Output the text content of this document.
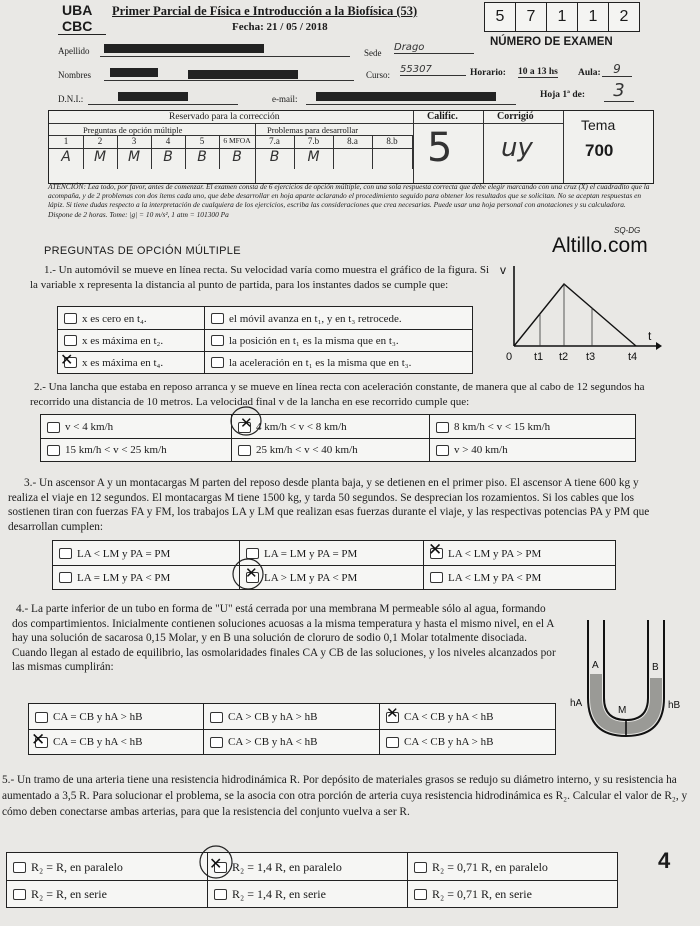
UBA
CBC
Primer Parcial de Física e Introducción a la Biofísica (53)
Fecha: 21 / 05 / 2018
5	7	1	1	2
NÚMERO DE EXAMEN
Apellido	Sede Drago
Nombres	Curso: 55307	Horario: 10 a 13 hs Aula:	9
D.N.I.:	e-mail:	Hoja 1ª de:	3
Reservado para la corrección
Preguntas de opción múltiple	Problemas para desarrollar
1	2	3	4	5	6 MFOA	7.a	7.b	8.a	8.b
A	M	M	B	B	B	B	M
Calific.	Corrigió
5 uy
Tema
700
ATENCIÓN: Lea todo, por favor, antes de comenzar. El examen consta de 6 ejercicios de opción múltiple, con una sola respuesta correcta que debe elegir marcando con una cruz (X) el cuadradito que la acompaña, y de 2 problemas con dos ítems cada uno, que debe desarrollar en hoja aparte aclarando el procedimiento seguido para obtener los resultados que se solicitan. No se aceptan respuestas en lápiz. Si tiene dudas respecto a la interpretación de cualquiera de los ejercicios, escriba las consideraciones que crea necesarias. Puede usar una hoja personal con anotaciones y su calculadora. Dispone de 2 horas. Tome: |g| = 10 m/s², 1 atm = 101300 Pa
SQ-DG
Altillo.com
PREGUNTAS DE OPCIÓN MÚLTIPLE
1.- Un automóvil se mueve en línea recta. Su velocidad varía como muestra el gráfico de la figura. Si la variable x representa la distancia al punto de partida, para los instantes dados se cumple que:
x es cero en t₄.	el móvil avanza en t₁, y en t₃ retrocede.
x es máxima en t₂.	la posición en t₁ es la misma que en t₃.
x es máxima en t₄.	la aceleración en t₁ es la misma que en t₃.
✕
v
t
0 t1 t2 t3	t4
2.- Una lancha que estaba en reposo arranca y se mueve en línea recta con aceleración constante, de manera que al cabo de 12 segundos ha recorrido una distancia de 10 metros. La velocidad final v de la lancha en ese recorrido cumple que:
v < 4 km/h	4 km/h < v < 8 km/h	8 km/h < v < 15 km/h
15 km/h < v < 25 km/h	25 km/h < v < 40 km/h	v > 40 km/h
✕
3.- Un ascensor A y un montacargas M parten del reposo desde planta baja, y se detienen en el primer piso. El ascensor A tiene 600 kg y realiza el viaje en 12 segundos. El montacargas M tiene 1500 kg, y tarda 50 segundos. Se desprecian los rozamientos. Si los cables que los sostienen tiran con fuerzas FA y FM, los trabajos LA y LM que realizan esas fuerzas durante el viaje, y las respectivas potencias PA y PM que desarrollan cumplen:
LA < LM y PA = PM	LA = LM y PA = PM	LA < LM y PA > PM
LA = LM y PA < PM	LA > LM y PA < PM	LA < LM y PA < PM
✕
✕
4.- La parte inferior de un tubo en forma de "U" está cerrada por una membrana M permeable sólo al agua, formando dos compartimientos. Inicialmente contienen soluciones acuosas a la misma temperatura y hasta el mismo nivel, en el A hay una solución de sacarosa 0,15 Molar, y en B una solución de cloruro de sodio 0,1 Molar totalmente disociada. Cuando llegan al estado de equilibrio, las osmolaridades finales CA y CB de las soluciones, y los niveles alcanzados por las mismas cumplirán:
CA = CB y hA > hB	CA > CB y hA > hB	CA < CB y hA < hB
CA = CB y hA < hB	CA > CB y hA < hB	CA < CB y hA > hB
✕
✕
A	B
M
hA	hB
5.- Un tramo de una arteria tiene una resistencia hidrodinámica R. Por depósito de materiales grasos se redujo su diámetro interno, y su resistencia ha aumentado a 3,5 R. Para solucionar el problema, se la asocia con otra porción de arteria cuya resistencia hidrodinámica es R₂. Calcular el valor de R₂, y cómo deben conectarse ambas arterias, para que la resistencia del conjunto vuelva a ser R.
R₂ = R, en paralelo	R₂ = 1,4 R, en paralelo	R₂ = 0,71 R, en paralelo
R₂ = R, en serie	R₂ = 1,4 R, en serie	R₂ = 0,71 R, en serie
✕	4
